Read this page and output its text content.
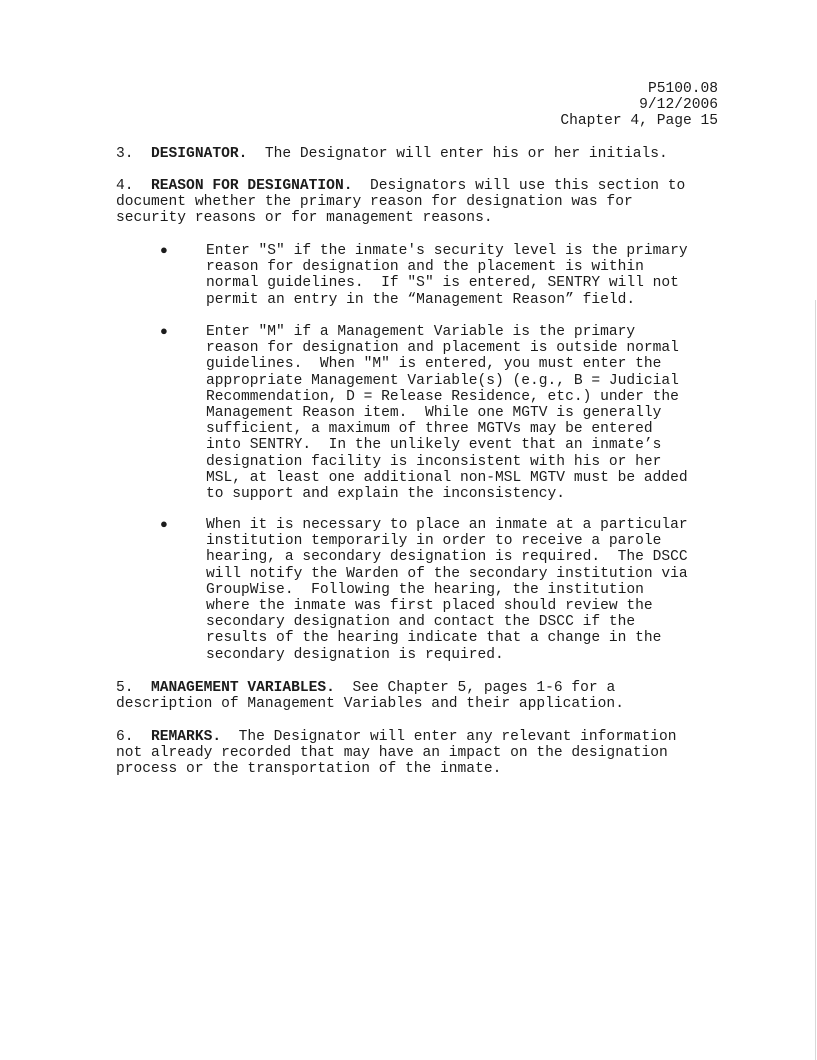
P5100.08
9/12/2006
Chapter 4, Page 15
3. DESIGNATOR.  The Designator will enter his or her initials.
4. REASON FOR DESIGNATION.  Designators will use this section to
document whether the primary reason for designation was for
security reasons or for management reasons.
●	Enter "S" if the inmate's security level is the primary
reason for designation and the placement is within
normal guidelines.  If "S" is entered, SENTRY will not
permit an entry in the “Management Reason” field.
●	Enter "M" if a Management Variable is the primary
reason for designation and placement is outside normal
guidelines.  When "M" is entered, you must enter the
appropriate Management Variable(s) (e.g., B = Judicial
Recommendation, D = Release Residence, etc.) under the
Management Reason item.  While one MGTV is generally
sufficient, a maximum of three MGTVs may be entered
into SENTRY.  In the unlikely event that an inmate’s
designation facility is inconsistent with his or her
MSL, at least one additional non-MSL MGTV must be added
to support and explain the inconsistency.
●	When it is necessary to place an inmate at a particular
institution temporarily in order to receive a parole
hearing, a secondary designation is required.  The DSCC
will notify the Warden of the secondary institution via
GroupWise.  Following the hearing, the institution
where the inmate was first placed should review the
secondary designation and contact the DSCC if the
results of the hearing indicate that a change in the
secondary designation is required.
5. MANAGEMENT VARIABLES.  See Chapter 5, pages 1-6 for a
description of Management Variables and their application.
6. REMARKS.  The Designator will enter any relevant information
not already recorded that may have an impact on the designation
process or the transportation of the inmate.
